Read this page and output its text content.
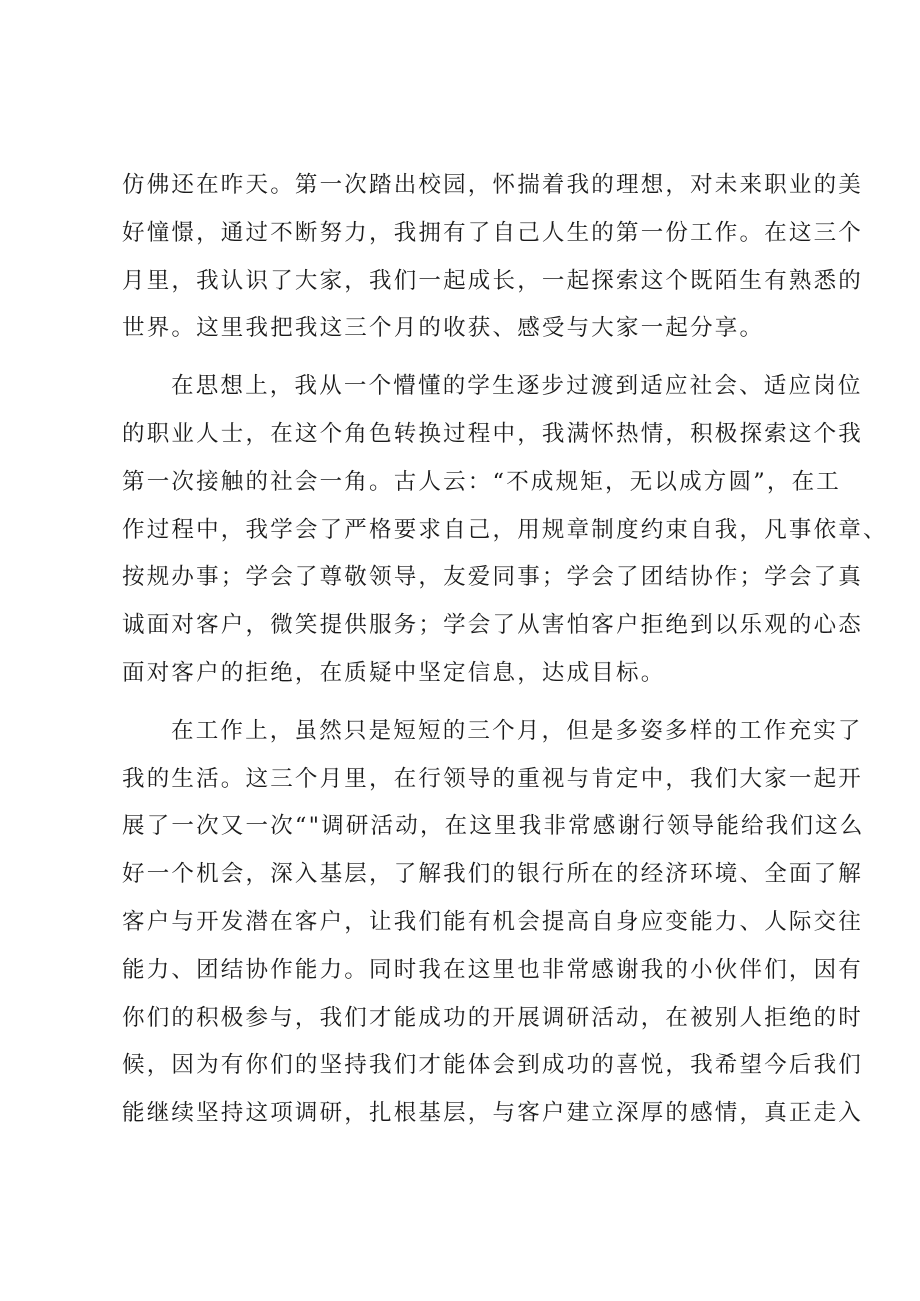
仿佛还在昨天。第一次踏出校园，怀揣着我的理想，对未来职业的美
好憧憬，通过不断努力，我拥有了自己人生的第一份工作。在这三个
月里，我认识了大家，我们一起成长，一起探索这个既陌生有熟悉的
世界。这里我把我这三个月的收获、感受与大家一起分享。
在思想上，我从一个懵懂的学生逐步过渡到适应社会、适应岗位
的职业人士，在这个角色转换过程中，我满怀热情，积极探索这个我
第一次接触的社会一角。古人云：“不成规矩，无以成方圆”，在工
作过程中，我学会了严格要求自己，用规章制度约束自我，凡事依章、
按规办事；学会了尊敬领导，友爱同事；学会了团结协作；学会了真
诚面对客户，微笑提供服务；学会了从害怕客户拒绝到以乐观的心态
面对客户的拒绝，在质疑中坚定信息，达成目标。
在工作上，虽然只是短短的三个月，但是多姿多样的工作充实了
我的生活。这三个月里，在行领导的重视与肯定中，我们大家一起开
展了一次又一次“"调研活动，在这里我非常感谢行领导能给我们这么
好一个机会，深入基层，了解我们的银行所在的经济环境、全面了解
客户与开发潜在客户，让我们能有机会提高自身应变能力、人际交往
能力、团结协作能力。同时我在这里也非常感谢我的小伙伴们，因有
你们的积极参与，我们才能成功的开展调研活动，在被别人拒绝的时
候，因为有你们的坚持我们才能体会到成功的喜悦，我希望今后我们
能继续坚持这项调研，扎根基层，与客户建立深厚的感情，真正走入
